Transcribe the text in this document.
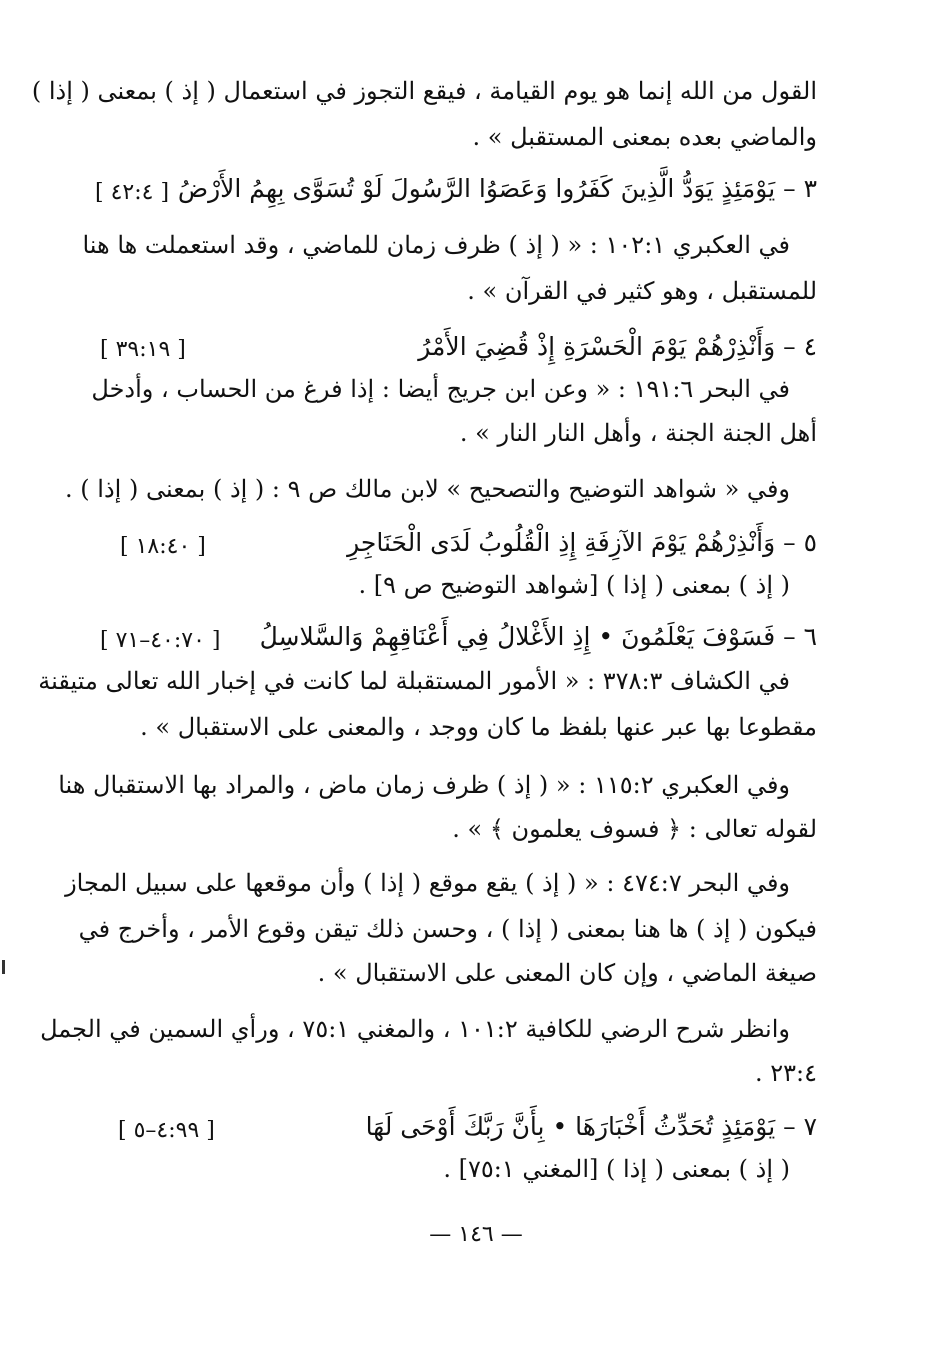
القول من الله إنما هو يوم القيامة ، فيقع التجوز في استعمال ( إذ ) بمعنى ( إذا )
والماضي بعده بمعنى المستقبل » .
٣ – يَوْمَئِذٍ يَوَدُّ الَّذِينَ كَفَرُوا وَعَصَوُا الرَّسُولَ لَوْ تُسَوَّى بِهِمُ الأَرْضُ
[ ٤٢:٤ ]
في العكبري ١٠٢:١ : « ( إذ ) ظرف زمان للماضي ، وقد استعملت ها هنا
للمستقبل ، وهو كثير في القرآن » .
٤ – وَأَنْذِرْهُمْ يَوْمَ الْحَسْرَةِ إِذْ قُضِيَ الأَمْرُ
[ ٣٩:١٩ ]
في البحر ١٩١:٦ : « وعن ابن جريج أيضا : إذا فرغ من الحساب ، وأدخل
أهل الجنة الجنة ، وأهل النار النار » .
وفي « شواهد التوضيح والتصحيح » لابن مالك ص ٩ : ( إذ ) بمعنى ( إذا ) .
٥ – وَأَنْذِرْهُمْ يَوْمَ الآزِفَةِ إِذِ الْقُلُوبُ لَدَى الْحَنَاجِرِ
[ ١٨:٤٠ ]
( إذ ) بمعنى ( إذا ) [شواهد التوضيح ص ٩] .
٦ – فَسَوْفَ يَعْلَمُونَ • إِذِ الأَغْلالُ فِي أَعْنَاقِهِمْ وَالسَّلاسِلُ
[ ٤٠:٧٠–٧١ ]
في الكشاف ٣٧٨:٣ : « الأمور المستقبلة لما كانت في إخبار الله تعالى متيقنة
مقطوعا بها عبر عنها بلفظ ما كان ووجد ، والمعنى على الاستقبال » .
وفي العكبري ١١٥:٢ : « ( إذ ) ظرف زمان ماض ، والمراد بها الاستقبال هنا
لقوله تعالى : ﴿ فسوف يعلمون ﴾ » .
وفي البحر ٤٧٤:٧ : « ( إذ ) يقع موقع ( إذا ) وأن موقعها على سبيل المجاز
فيكون ( إذ ) ها هنا بمعنى ( إذا ) ، وحسن ذلك تيقن وقوع الأمر ، وأخرج في
صيغة الماضي ، وإن كان المعنى على الاستقبال » .
وانظر شرح الرضي للكافية ١٠١:٢ ، والمغني ٧٥:١ ، ورأي السمين في الجمل
٢٣:٤ .
٧ – يَوْمَئِذٍ تُحَدِّثُ أَخْبَارَهَا • بِأَنَّ رَبَّكَ أَوْحَى لَهَا
[ ٤:٩٩–٥ ]
( إذ ) بمعنى ( إذا ) [المغني ٧٥:١] .
— ١٤٦ —
